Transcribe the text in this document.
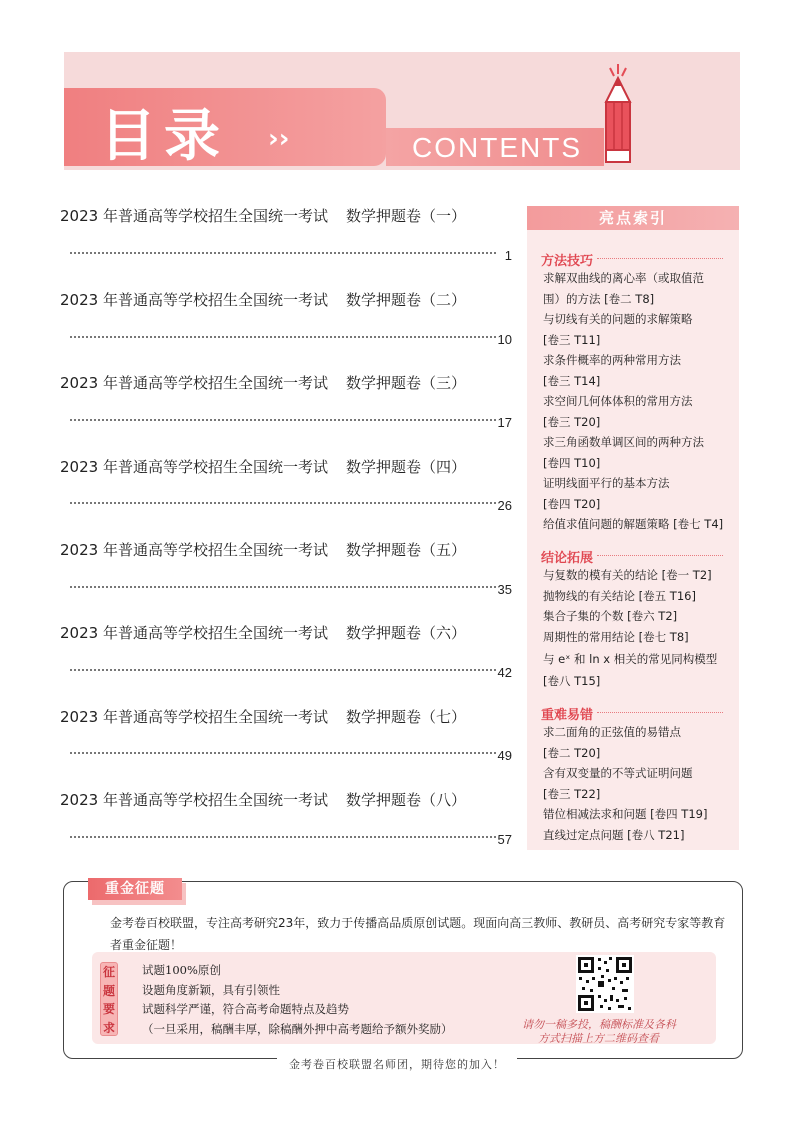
目录 ››	CONTENTS
2023 年普通高等学校招生全国统一考试 数学押题卷（一）
1
2023 年普通高等学校招生全国统一考试 数学押题卷（二）
10
2023 年普通高等学校招生全国统一考试 数学押题卷（三）
17
2023 年普通高等学校招生全国统一考试 数学押题卷（四）
26
2023 年普通高等学校招生全国统一考试 数学押题卷（五）
35
2023 年普通高等学校招生全国统一考试 数学押题卷（六）
42
2023 年普通高等学校招生全国统一考试 数学押题卷（七）
49
2023 年普通高等学校招生全国统一考试 数学押题卷（八）
57
亮点索引
方法技巧
求解双曲线的离心率（或取值范
围）的方法 [卷二 T8]
与切线有关的问题的求解策略
[卷三 T11]
求条件概率的两种常用方法
[卷三 T14]
求空间几何体体积的常用方法
[卷三 T20]
求三角函数单调区间的两种方法
[卷四 T10]
证明线面平行的基本方法
[卷四 T20]
给值求值问题的解题策略 [卷七 T4]
结论拓展
与复数的模有关的结论 [卷一 T2]
抛物线的有关结论 [卷五 T16]
集合子集的个数 [卷六 T2]
周期性的常用结论 [卷七 T8]
与 eˣ 和 ln x 相关的常见同构模型
[卷八 T15]
重难易错
求二面角的正弦值的易错点
[卷二 T20]
含有双变量的不等式证明问题
[卷三 T22]
错位相减法求和问题 [卷四 T19]
直线过定点问题 [卷八 T21]
重金征题
金考卷百校联盟，专注高考研究23年，致力于传播高品质原创试题。现面向高三教师、教研员、高考研究专家等教育者重金征题！
征
题
要
求
试题100%原创
设题角度新颖，具有引领性
试题科学严谨，符合高考命题特点及趋势
（一旦采用，稿酬丰厚，除稿酬外押中高考题给予额外奖励）	请勿一稿多投，稿酬标准及各科
方式扫描上方二维码查看
金考卷百校联盟名师团，期待您的加入！
